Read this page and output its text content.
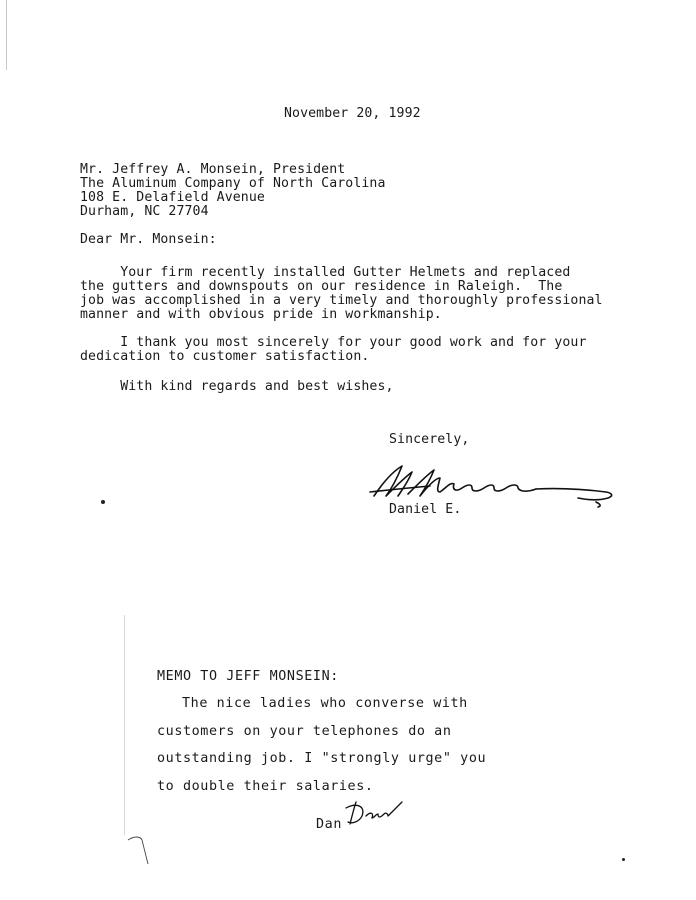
November 20, 1992
Mr. Jeffrey A. Monsein, President
The Aluminum Company of North Carolina
108 E. Delafield Avenue
Durham, NC 27704
Dear Mr. Monsein:
Your firm recently installed Gutter Helmets and replaced
the gutters and downspouts on our residence in Raleigh.  The
job was accomplished in a very timely and thoroughly professional
manner and with obvious pride in workmanship.
I thank you most sincerely for your good work and for your
dedication to customer satisfaction.
With kind regards and best wishes,
Sincerely,
Daniel E.
Daniel E.
MEMO TO JEFF MONSEIN:
The nice ladies who converse with
customers on your telephones do an
outstanding job. I "strongly urge" you
to double their salaries.
Dan
Dan
